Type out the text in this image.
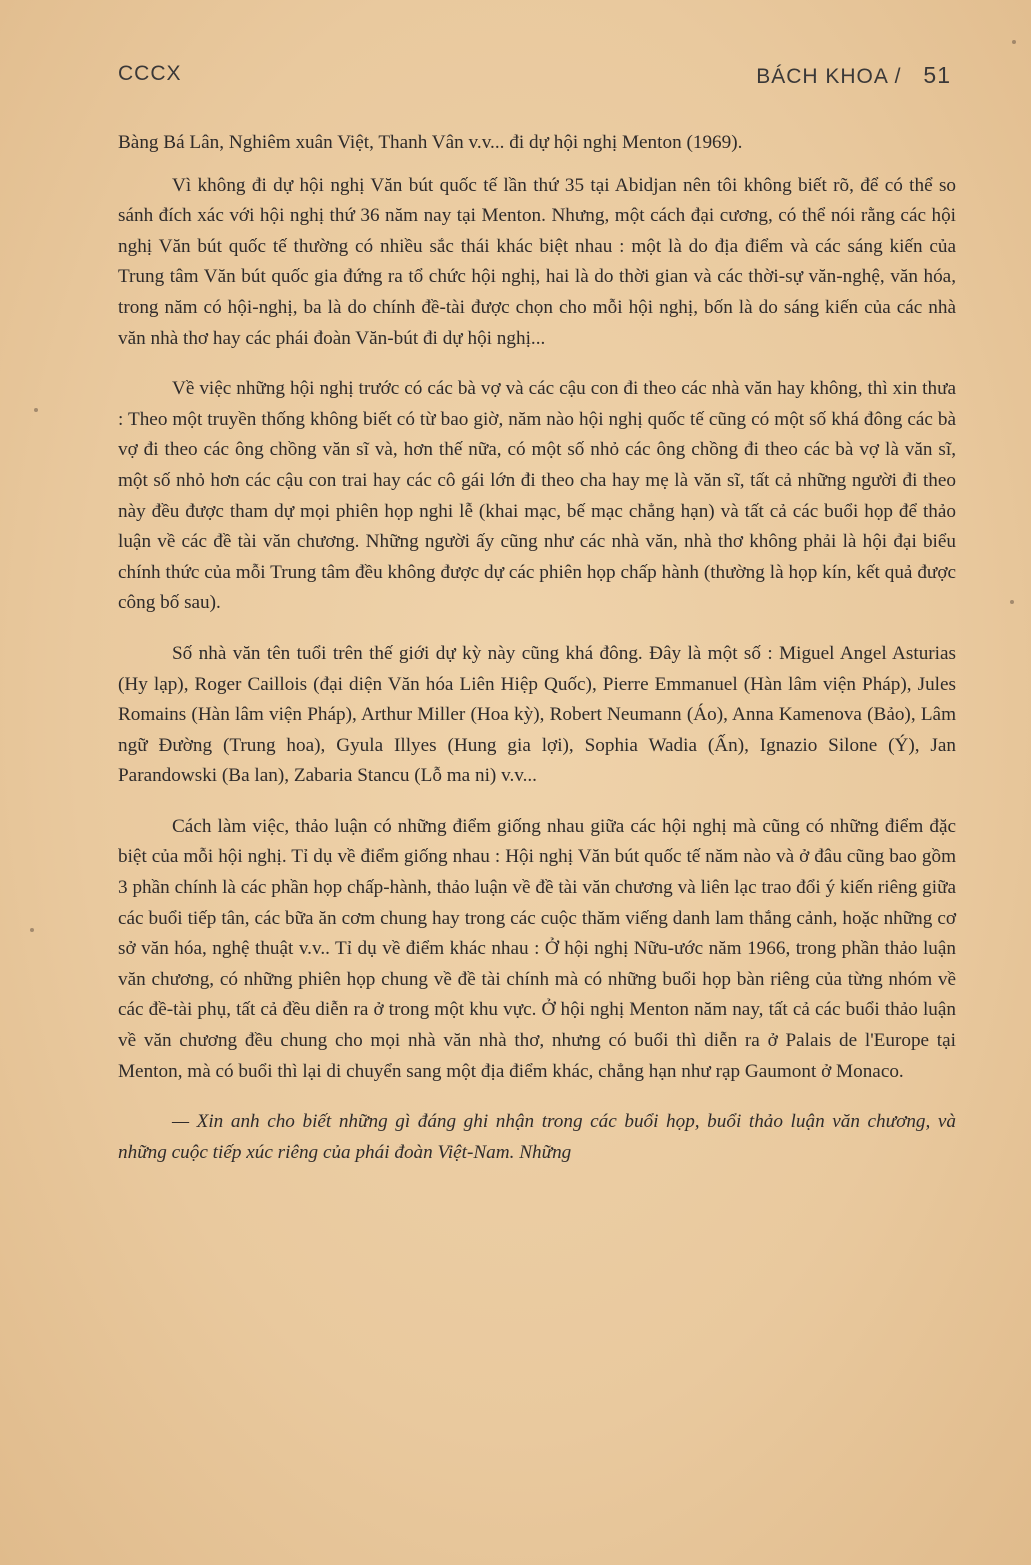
CCCX	BÁCH KHOA / 51

Bàng Bá Lân, Nghiêm xuân Việt, Thanh Vân v.v... đi dự hội nghị Menton (1969).

Vì không đi dự hội nghị Văn bút quốc tế lần thứ 35 tại Abidjan nên tôi không biết rõ, để có thể so sánh đích xác với hội nghị thứ 36 năm nay tại Menton. Nhưng, một cách đại cương, có thể nói rằng các hội nghị Văn bút quốc tế thường có nhiều sắc thái khác biệt nhau : một là do địa điểm và các sáng kiến của Trung tâm Văn bút quốc gia đứng ra tổ chức hội nghị, hai là do thời gian và các thời-sự văn-nghệ, văn hóa, trong năm có hội-nghị, ba là do chính đề-tài được chọn cho mỗi hội nghị, bốn là do sáng kiến của các nhà văn nhà thơ hay các phái đoàn Văn-bút đi dự hội nghị...

Về việc những hội nghị trước có các bà vợ và các cậu con đi theo các nhà văn hay không, thì xin thưa : Theo một truyền thống không biết có từ bao giờ, năm nào hội nghị quốc tế cũng có một số khá đông các bà vợ đi theo các ông chồng văn sĩ và, hơn thế nữa, có một số nhỏ các ông chồng đi theo các bà vợ là văn sĩ, một số nhỏ hơn các cậu con trai hay các cô gái lớn đi theo cha hay mẹ là văn sĩ, tất cả những người đi theo này đều được tham dự mọi phiên họp nghi lễ (khai mạc, bế mạc chẳng hạn) và tất cả các buổi họp để thảo luận về các đề tài văn chương. Những người ấy cũng như các nhà văn, nhà thơ không phải là hội đại biểu chính thức của mỗi Trung tâm đều không được dự các phiên họp chấp hành (thường là họp kín, kết quả được công bố sau).

Số nhà văn tên tuổi trên thế giới dự kỳ này cũng khá đông. Đây là một số : Miguel Angel Asturias (Hy lạp), Roger Caillois (đại diện Văn hóa Liên Hiệp Quốc), Pierre Emmanuel (Hàn lâm viện Pháp), Jules Romains (Hàn lâm viện Pháp), Arthur Miller (Hoa kỳ), Robert Neumann (Áo), Anna Kamenova (Bảo), Lâm ngữ Đường (Trung hoa), Gyula Illyes (Hung gia lợi), Sophia Wadia (Ấn), Ignazio Silone (Ý), Jan Parandowski (Ba lan), Zabaria Stancu (Lỗ ma ni) v.v...

Cách làm việc, thảo luận có những điểm giống nhau giữa các hội nghị mà cũng có những điểm đặc biệt của mỗi hội nghị. Tỉ dụ về điểm giống nhau : Hội nghị Văn bút quốc tế năm nào và ở đâu cũng bao gồm 3 phần chính là các phần họp chấp-hành, thảo luận về đề tài văn chương và liên lạc trao đổi ý kiến riêng giữa các buổi tiếp tân, các bữa ăn cơm chung hay trong các cuộc thăm viếng danh lam thắng cảnh, hoặc những cơ sở văn hóa, nghệ thuật v.v.. Tỉ dụ về điểm khác nhau : Ở hội nghị Nữu-ước năm 1966, trong phần thảo luận văn chương, có những phiên họp chung về đề tài chính mà có những buổi họp bàn riêng của từng nhóm về các đề-tài phụ, tất cả đều diễn ra ở trong một khu vực. Ở hội nghị Menton năm nay, tất cả các buổi thảo luận về văn chương đều chung cho mọi nhà văn nhà thơ, nhưng có buổi thì diễn ra ở Palais de l'Europe tại Menton, mà có buổi thì lại di chuyển sang một địa điểm khác, chẳng hạn như rạp Gaumont ở Monaco.

— Xin anh cho biết những gì đáng ghi nhận trong các buổi họp, buổi thảo luận văn chương, và những cuộc tiếp xúc riêng của phái đoàn Việt-Nam. Những
